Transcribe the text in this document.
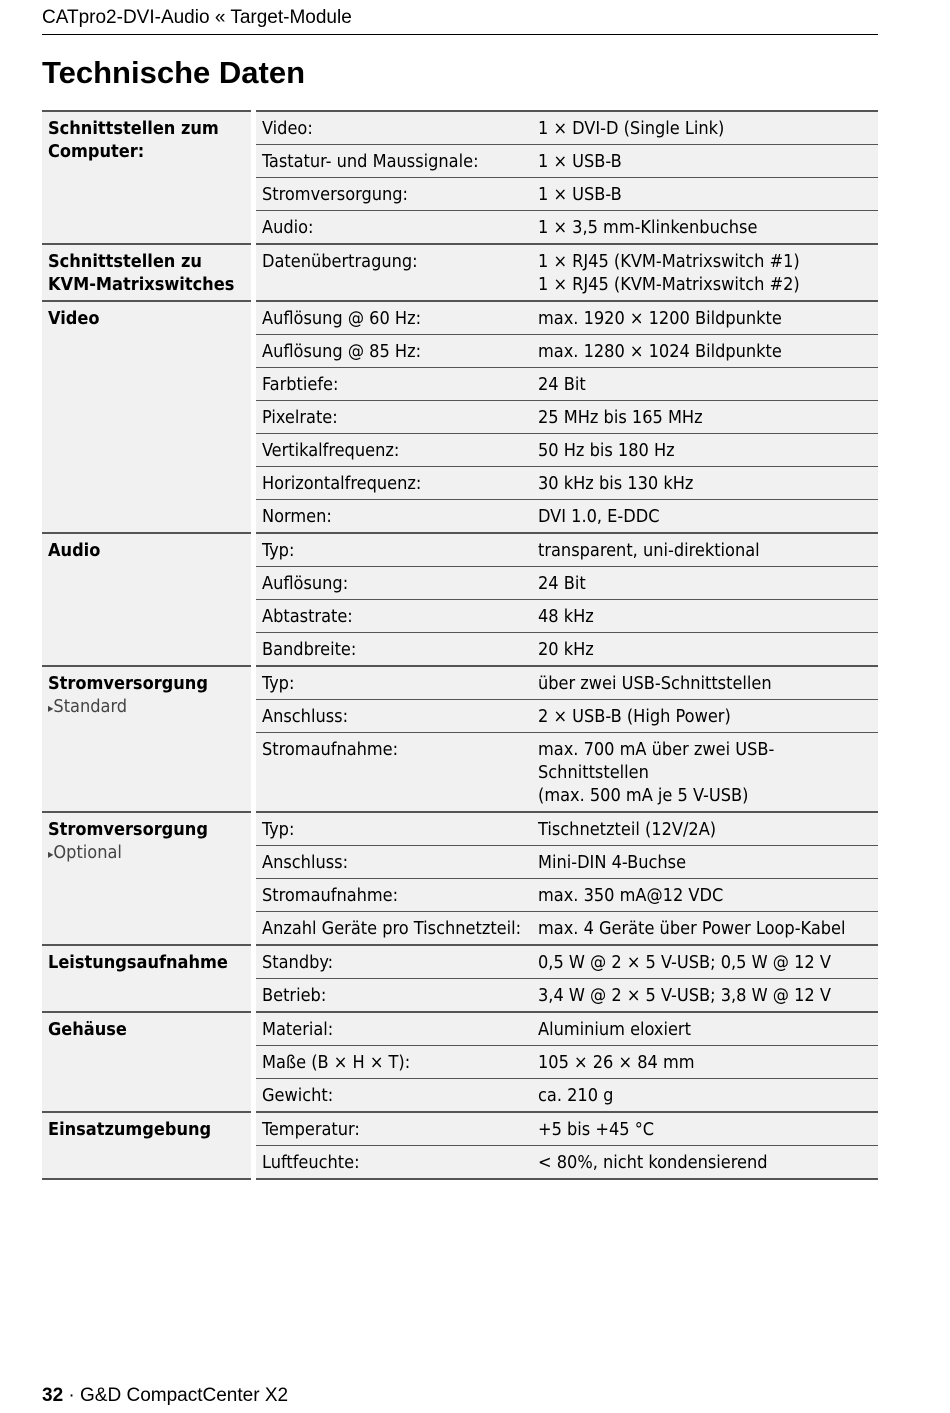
CATpro2-DVI-Audio « Target-Module
Technische Daten
Schnittstellen zum Computer:	Video:	1 × DVI-D (Single Link)

	Tastatur- und Maussignale:	1 × USB-B

	Stromversorgung:	1 × USB-B

	Audio:	1 × 3,5 mm-Klinkenbuchse

Schnittstellen zu KVM-Matrixswitches	Datenübertragung:	1 × RJ45 (KVM-Matrixswitch #1)
1 × RJ45 (KVM-Matrixswitch #2)

Video	Auflösung @ 60 Hz:	max. 1920 × 1200 Bildpunkte

	Auflösung @ 85 Hz:	max. 1280 × 1024 Bildpunkte

	Farbtiefe:	24 Bit

	Pixelrate:	25 MHz bis 165 MHz

	Vertikalfrequenz:	50 Hz bis 180 Hz

	Horizontalfrequenz:	30 kHz bis 130 kHz

	Normen:	DVI 1.0, E-DDC

Audio	Typ:	transparent, uni-direktional

	Auflösung:	24 Bit

	Abtastrate:	48 kHz

	Bandbreite:	20 kHz

Stromversorgung
▸ Standard	Typ:	über zwei USB-Schnittstellen

	Anschluss:	2 × USB-B (High Power)

	Stromaufnahme:	max. 700 mA über zwei USB-Schnittstellen
(max. 500 mA je 5 V-USB)

Stromversorgung
▸ Optional	Typ:	Tischnetzteil (12V/2A)

	Anschluss:	Mini-DIN 4-Buchse

	Stromaufnahme:	max. 350 mA@12 VDC

	Anzahl Geräte pro Tischnetzteil:	max. 4 Geräte über Power Loop-Kabel

Leistungsaufnahme	Standby:	0,5 W @ 2 × 5 V-USB; 0,5 W @ 12 V

	Betrieb:	3,4 W @ 2 × 5 V-USB; 3,8 W @ 12 V

Gehäuse	Material:	Aluminium eloxiert

	Maße (B × H × T):	105 × 26 × 84 mm

	Gewicht:	ca. 210 g

Einsatzumgebung	Temperatur:	+5 bis +45 °C

	Luftfeuchte:	< 80%, nicht kondensierend
32 · G&D CompactCenter X2
